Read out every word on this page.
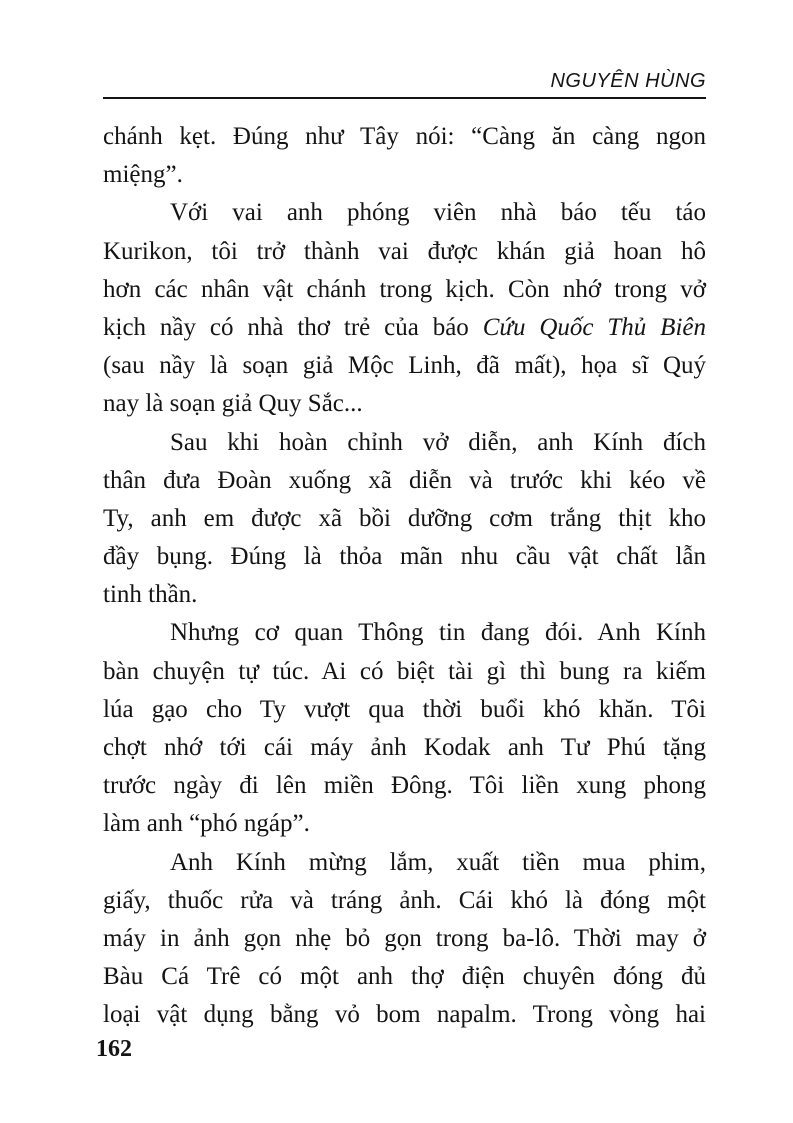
NGUYÊN HÙNG
chánh kẹt. Đúng như Tây nói: “Càng ăn càng ngon
miệng”.
Với vai anh phóng viên nhà báo tếu táo
Kurikon, tôi trở thành vai được khán giả hoan hô
hơn các nhân vật chánh trong kịch. Còn nhớ trong vở
kịch nầy có nhà thơ trẻ của báo Cứu Quốc Thủ Biên
(sau nầy là soạn giả Mộc Linh, đã mất), họa sĩ Quý
nay là soạn giả Quy Sắc...
Sau khi hoàn chỉnh vở diễn, anh Kính đích
thân đưa Đoàn xuống xã diễn và trước khi kéo về
Ty, anh em được xã bồi dưỡng cơm trắng thịt kho
đầy bụng. Đúng là thỏa mãn nhu cầu vật chất lẫn
tinh thần.
Nhưng cơ quan Thông tin đang đói. Anh Kính
bàn chuyện tự túc. Ai có biệt tài gì thì bung ra kiếm
lúa gạo cho Ty vượt qua thời buổi khó khăn. Tôi
chợt nhớ tới cái máy ảnh Kodak anh Tư Phú tặng
trước ngày đi lên miền Đông. Tôi liền xung phong
làm anh “phó ngáp”.
Anh Kính mừng lắm, xuất tiền mua phim,
giấy, thuốc rửa và tráng ảnh. Cái khó là đóng một
máy in ảnh gọn nhẹ bỏ gọn trong ba-lô. Thời may ở
Bàu Cá Trê có một anh thợ điện chuyên đóng đủ
loại vật dụng bằng vỏ bom napalm. Trong vòng hai
162
